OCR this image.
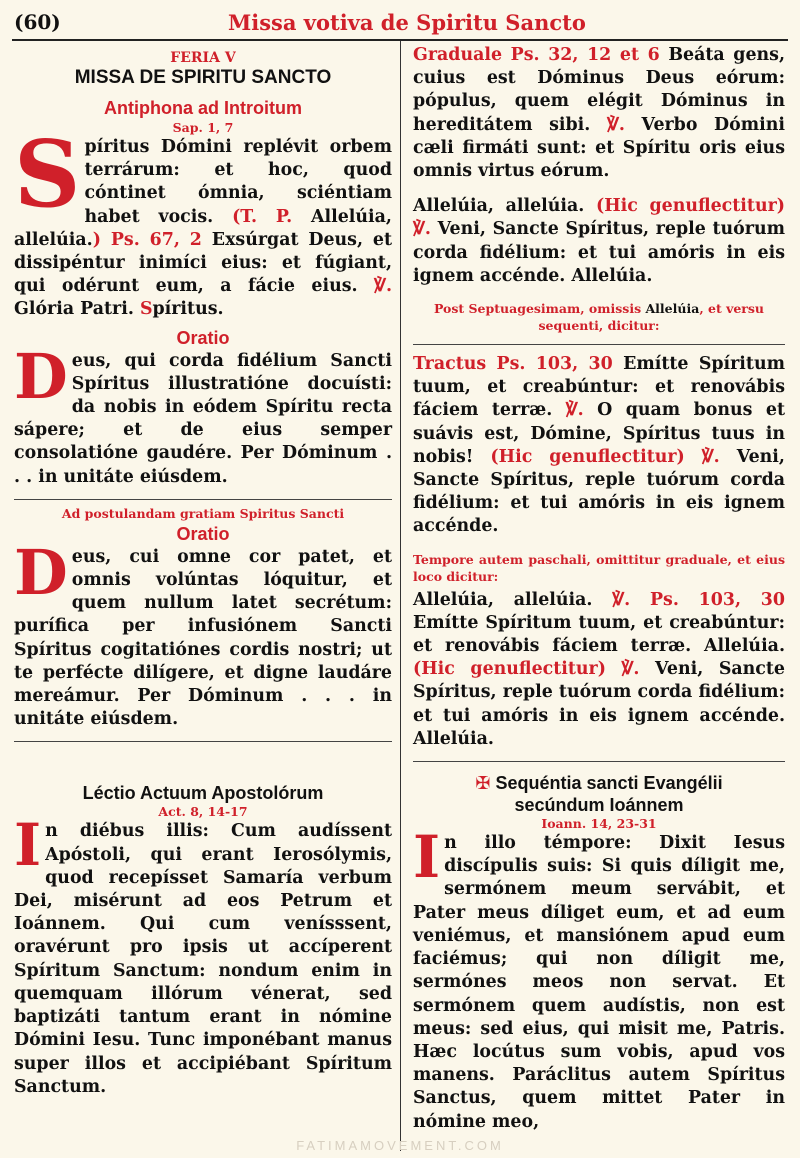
(60)	Missa votiva de Spiritu Sancto
FERIA V
MISSA DE SPIRITU SANCTO
Antiphona ad Introitum
Sap. 1, 7

Spíritus Dómini replévit orbem terrárum: et hoc, quod cóntinet ómnia, sciéntiam habet vocis. (T. P. Allelúia, allelúia.) Ps. 67, 2 Exsúrgat Deus, et dissipéntur inimíci eius: et fúgiant, qui odérunt eum, a fácie eius. ℣. Glória Patri. Spíritus.

Oratio

Deus, qui corda fidélium Sancti Spíritus illustratióne docuísti: da nobis in eódem Spíritu recta sápere; et de eius semper consolatióne gaudére. Per Dóminum . . . in unitáte eiúsdem.

Ad postulandam gratiam Spiritus Sancti
Oratio

Deus, cui omne cor patet, et omnis volúntas lóquitur, et quem nullum latet secrétum: purífica per infusiónem Sancti Spíritus cogitatiónes cordis nostri; ut te perféctе dilígere, et digne laudáre mereámur. Per Dóminum . . . in unitáte eiúsdem.

Léctio Actuum Apostolórum
Act. 8, 14-17

In diébus illis: Cum audíssent Apóstoli, qui erant Ierosólymis, quod recepísset Samaría verbum Dei, misérunt ad eos Petrum et Ioánnem. Qui cum venísssent, oravérunt pro ipsis ut accíperent Spíritum Sanctum: nondum enim in quemquam illórum vénerat, sed baptizáti tantum erant in nómine Dómini Iesu. Tunc imponébant manus super illos et accipiébant Spíritum Sanctum.

Graduale Ps. 32, 12 et 6 Beáta gens, cuius est Dóminus Deus eórum: pópulus, quem elégit Dóminus in hereditátem sibi. ℣. Verbo Dómini cæli firmáti sunt: et Spíritu oris eius omnis virtus eórum.

Allelúia, allelúia. (Hic genuflectitur) ℣. Veni, Sancte Spíritus, reple tuórum corda fidélium: et tui amóris in eis ignem accénde. Allelúia.

Post Septuagesimam, omissis Allelúia, et versu sequenti, dicitur:

Tractus Ps. 103, 30 Emítte Spíritum tuum, et creabúntur: et renovábis fáciem terræ. ℣. O quam bonus et suávis est, Dómine, Spíritus tuus in nobis! (Hic genuflectitur) ℣. Veni, Sancte Spíritus, reple tuórum corda fidélium: et tui amóris in eis ignem accénde.

Tempore autem paschali, omittitur graduale, et eius loco dicitur:

Allelúia, allelúia. ℣. Ps. 103, 30 Emítte Spíritum tuum, et creabúntur: et renovábis fáciem terræ. Allelúia. (Hic genuflectitur) ℣. Veni, Sancte Spíritus, reple tuórum corda fidélium: et tui amóris in eis ignem accénde. Allelúia.

✠ Sequéntia sancti Evangélii
secúndum Ioánnem
Ioann. 14, 23-31

In illo témpore: Dixit Iesus discípulis suis: Si quis díligit me, sermónem meum servábit, et Pater meus díliget eum, et ad eum veniémus, et mansiónem apud eum faciémus; qui non díligit me, sermónes meos non servat. Et sermónem quem audístis, non est meus: sed eius, qui misit me, Patris. Hæc locútus sum vobis, apud vos manens. Paráclitus autem Spíritus Sanctus, quem mittet Pater in nómine meo,

FATIMAMOVEMENT.COM
